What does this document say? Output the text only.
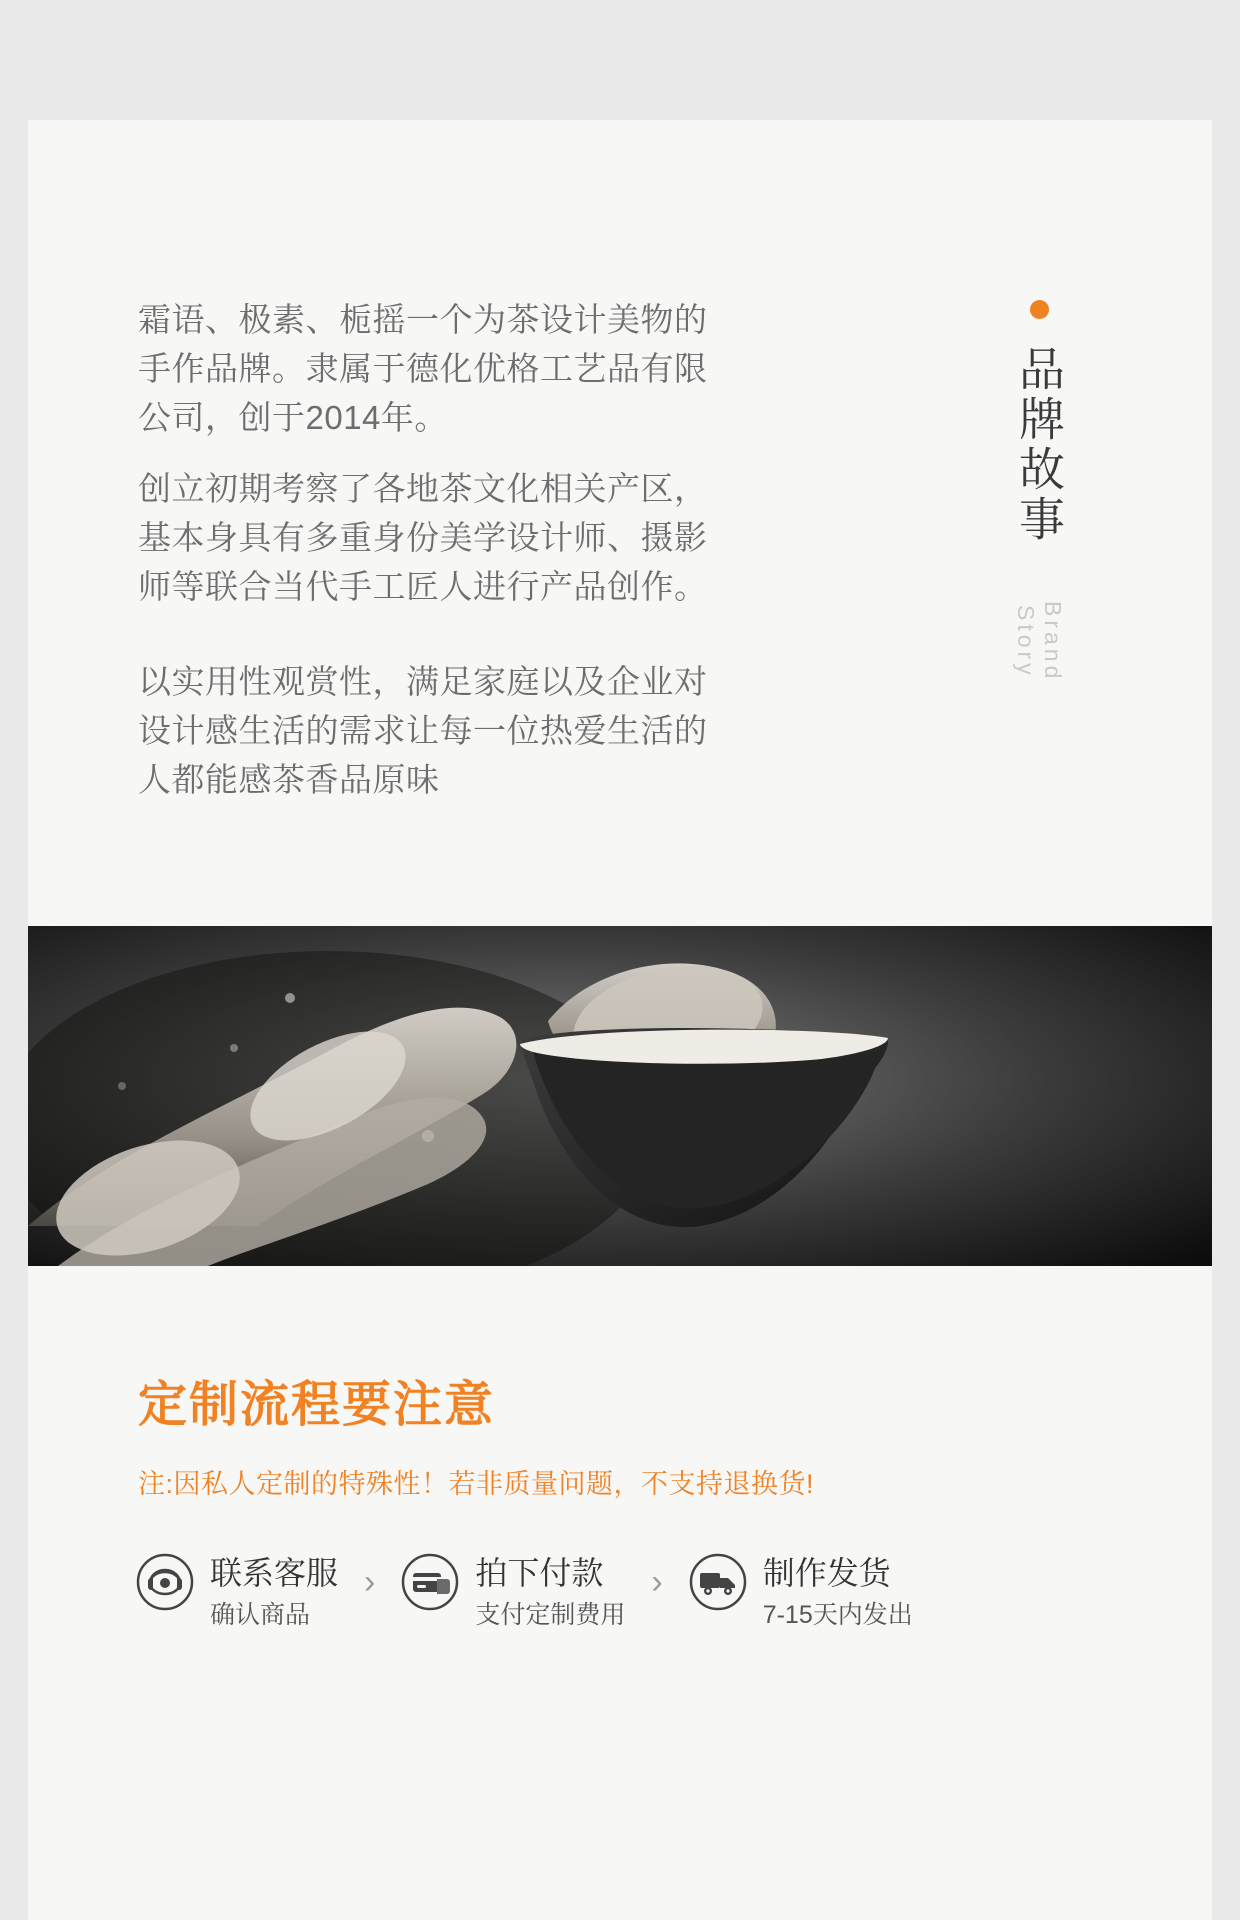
霜语、极素、栀摇一个为茶设计美物的手作品牌。隶属于德化优格工艺品有限公司，创于2014年。

创立初期考察了各地茶文化相关产区，基本身具有多重身份美学设计师、摄影师等联合当代手工匠人进行产品创作。

以实用性观赏性，满足家庭以及企业对设计感生活的需求让每一位热爱生活的人都能感茶香品原味

品牌故事
Brand Story
定制流程要注意
注:因私人定制的特殊性！若非质量问题，不支持退换货!
联系客服
确认商品
›	拍下付款
支付定制费用
›	制作发货
7-15天内发出
